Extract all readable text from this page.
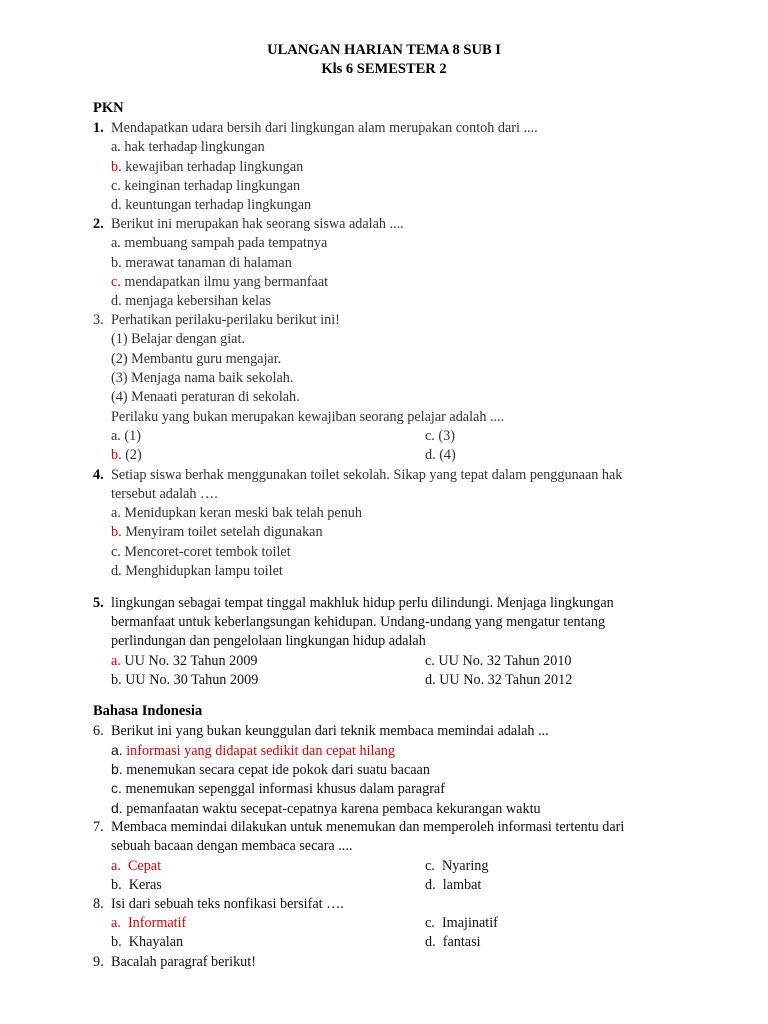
ULANGAN HARIAN TEMA 8 SUB I
Kls 6 SEMESTER 2
PKN
1. Mendapatkan udara bersih dari lingkungan alam merupakan contoh dari ....
a. hak terhadap lingkungan
b. kewajiban terhadap lingkungan
c. keinginan terhadap lingkungan
d. keuntungan terhadap lingkungan
2. Berikut ini merupakan hak seorang siswa adalah ....
a. membuang sampah pada tempatnya
b. merawat tanaman di halaman
c. mendapatkan ilmu yang bermanfaat
d. menjaga kebersihan kelas
3. Perhatikan perilaku-perilaku berikut ini!
(1) Belajar dengan giat.
(2) Membantu guru mengajar.
(3) Menjaga nama baik sekolah.
(4) Menaati peraturan di sekolah.
Perilaku yang bukan merupakan kewajiban seorang pelajar adalah ....
a. (1)	c. (3)
b. (2)	d. (4)
4. Setiap siswa berhak menggunakan toilet sekolah. Sikap yang tepat dalam penggunaan hak
tersebut adalah ….
a. Menidupkan keran meski bak telah penuh
b. Menyiram toilet setelah digunakan
c. Mencoret-coret tembok toilet
d. Menghidupkan lampu toilet
5. lingkungan sebagai tempat tinggal makhluk hidup perlu dilindungi. Menjaga lingkungan
bermanfaat untuk keberlangsungan kehidupan. Undang-undang yang mengatur tentang
perlindungan dan pengelolaan lingkungan hidup adalah
a. UU No. 32 Tahun 2009	c. UU No. 32 Tahun 2010
b. UU No. 30 Tahun 2009	d. UU No. 32 Tahun 2012
Bahasa Indonesia
6. Berikut ini yang bukan keunggulan dari teknik membaca memindai adalah ...
a. informasi yang didapat sedikit dan cepat hilang
b. menemukan secara cepat ide pokok dari suatu bacaan
c. menemukan sepenggal informasi khusus dalam paragraf
d. pemanfaatan waktu secepat-cepatnya karena pembaca kekurangan waktu
7. Membaca memindai dilakukan untuk menemukan dan memperoleh informasi tertentu dari
sebuah bacaan dengan membaca secara ....
a. Cepat	c. Nyaring
b. Keras	d. lambat
8. Isi dari sebuah teks nonfikasi bersifat ….
a. Informatif	c. Imajinatif
b. Khayalan	d. fantasi
9. Bacalah paragraf berikut!
